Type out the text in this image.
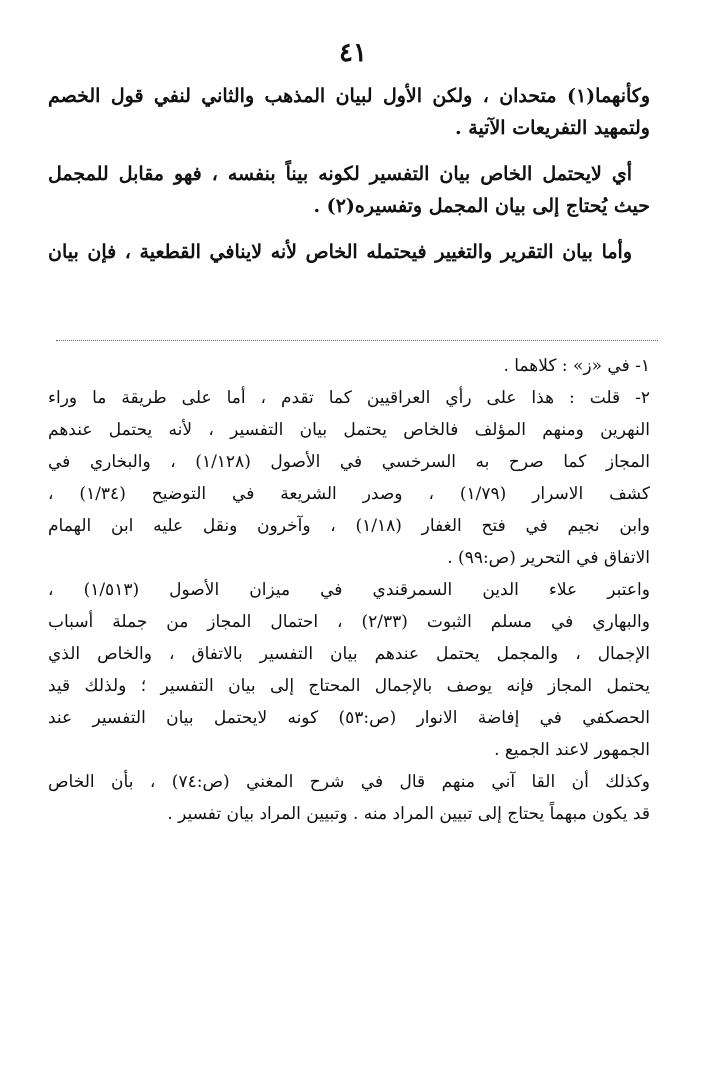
٤١
وكأنهما(١) متحدان ، ولكن الأول لبيان المذهب والثاني لنفي قول الخصم
ولتمهيد التفريعات الآتية .
أي لايحتمل الخاص بيان التفسير لكونه بيناً بنفسه ، فهو مقابل للمجمل
حيث يُحتاج إلى بيان المجمل وتفسيره(٢) .
وأما بيان التقرير والتغيير فيحتمله الخاص لأنه لاينافي القطعية ، فإن بيان
١- في «ز» : كلاهما .
٢- قلت : هذا على رأي العراقيين كما تقدم ، أما على طريقة ما وراء
النهرين ومنهم المؤلف فالخاص يحتمل بيان التفسير ، لأنه يحتمل عندهم
المجاز كما صرح به السرخسي في الأصول (١/١٢٨) ، والبخاري في
كشف الاسرار (١/٧٩) ، وصدر الشريعة في التوضيح (١/٣٤) ،
وابن نجيم في فتح الغفار (١/١٨) ، وآخرون ونقل عليه ابن الهمام
الاتفاق في التحرير (ص:٩٩) .
واعتبر علاء الدين السمرقندي في ميزان الأصول (١/٥١٣) ،
والبهاري في مسلم الثبوت (٢/٣٣) ، احتمال المجاز من جملة أسباب
الإجمال ، والمجمل يحتمل عندهم بيان التفسير بالاتفاق ، والخاص الذي
يحتمل المجاز فإنه يوصف بالإجمال المحتاج إلى بيان التفسير ؛ ولذلك قيد
الحصكفي في إفاضة الانوار (ص:٥٣) كونه لايحتمل بيان التفسير عند
الجمهور لاعند الجميع .
وكذلك أن القا آني منهم قال في شرح المغني (ص:٧٤) ، بأن الخاص
قد يكون مبهماً يحتاج إلى تبيين المراد منه . وتبيين المراد بيان تفسير .
